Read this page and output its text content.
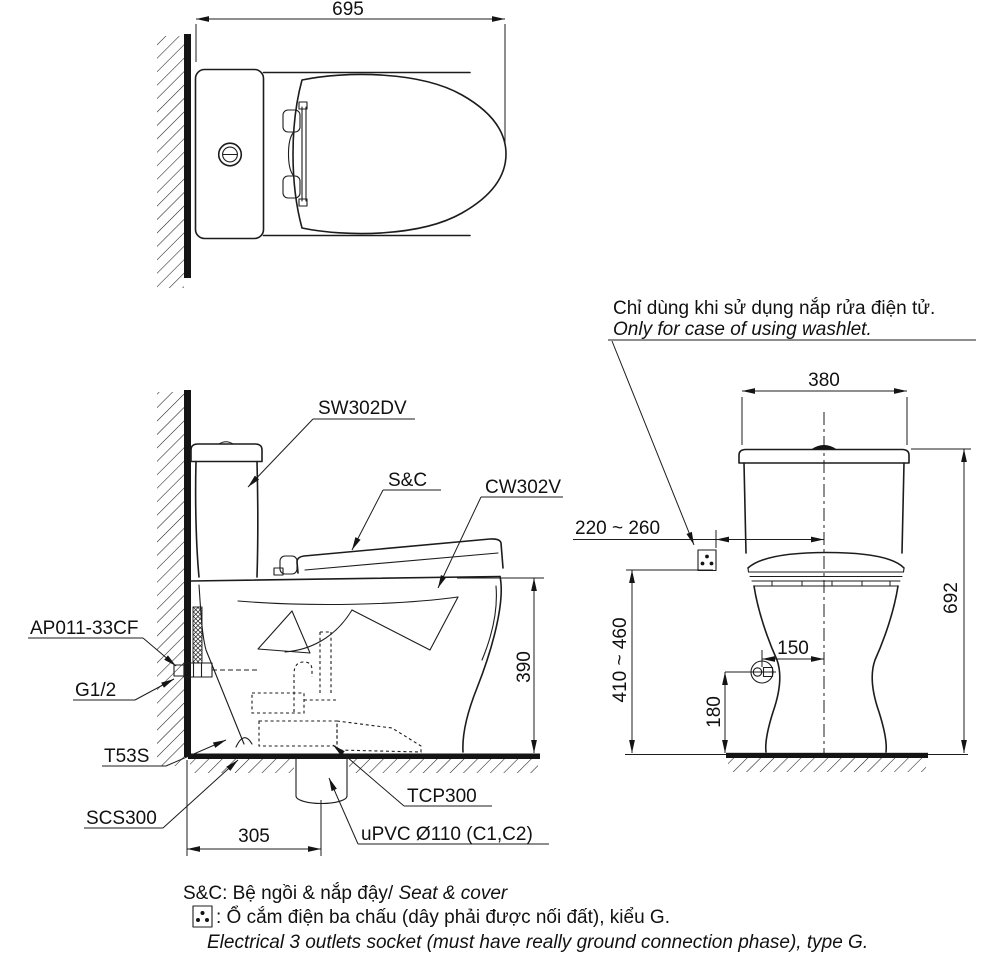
695
390
305
SW302DV
S&C	CW302V
AP011-33CF
G1/2
T53S
SCS300
TCP300
uPVC Ø110 (C1,C2)
Chỉ dùng khi sử dụng nắp rửa điện tử.
Only for case of using washlet.
380
220 ~ 260
150
180
410 ~ 460
692
S&C: Bệ ngồi & nắp đậy/ Seat & cover
: Ổ cắm điện ba chấu (dây phải được nối đất), kiểu G.
Electrical 3 outlets socket (must have really ground connection phase), type G.
